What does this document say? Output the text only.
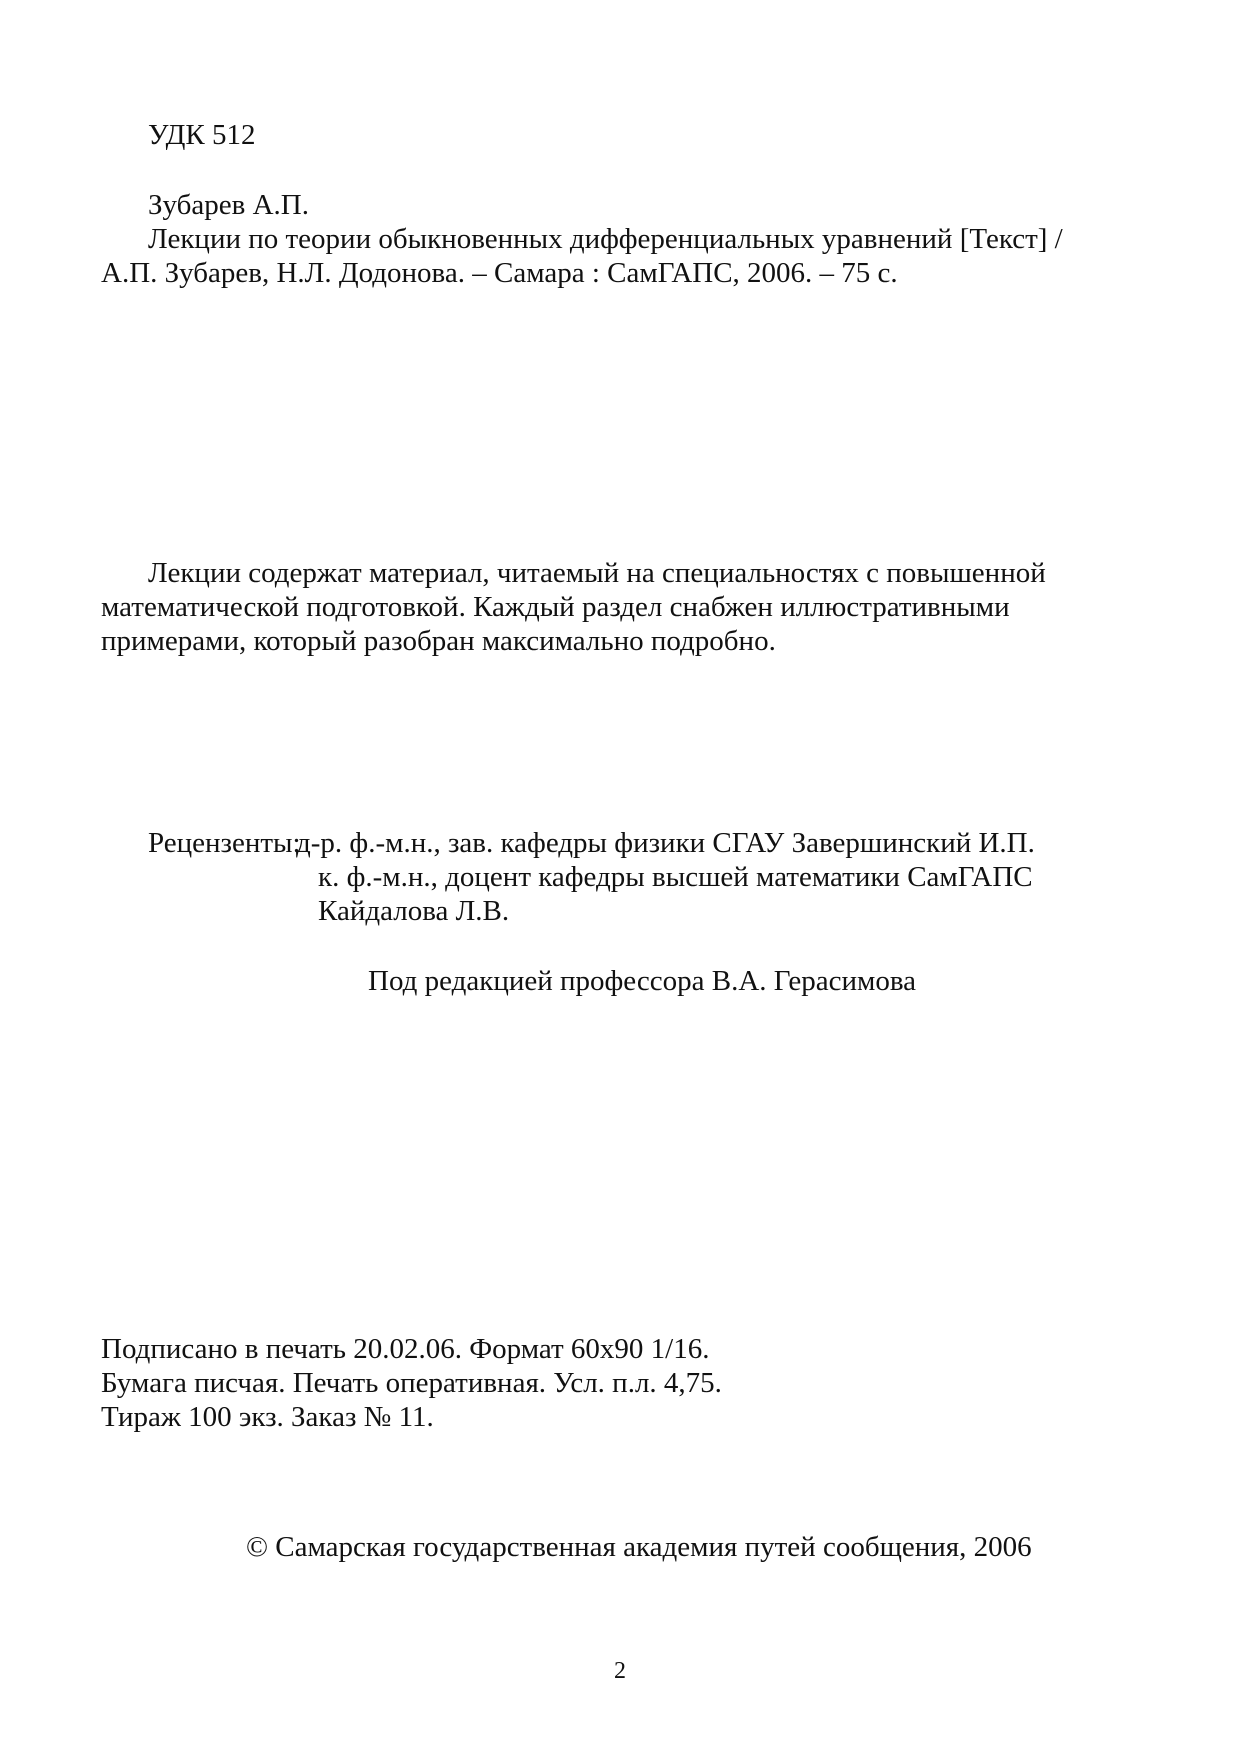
УДК 512
Зубарев А.П.
Лекции по теории обыкновенных дифференциальных уравнений [Текст] /
А.П. Зубарев, Н.Л. Додонова. – Самара : СамГАПС, 2006. – 75 с.
Лекции содержат материал, читаемый на специальностях с повышенной
математической подготовкой. Каждый раздел снабжен иллюстративными
примерами, который разобран максимально подробно.
Рецензенты:
д-р. ф.-м.н., зав. кафедры физики СГАУ Завершинский И.П.
к. ф.-м.н., доцент кафедры высшей математики СамГАПС
Кайдалова Л.В.
Под редакцией профессора В.А. Герасимова
Подписано в печать 20.02.06. Формат 60х90 1/16.
Бумага писчая. Печать оперативная. Усл. п.л. 4,75.
Тираж 100 экз. Заказ № 11.
© Самарская государственная академия путей сообщения, 2006
2
